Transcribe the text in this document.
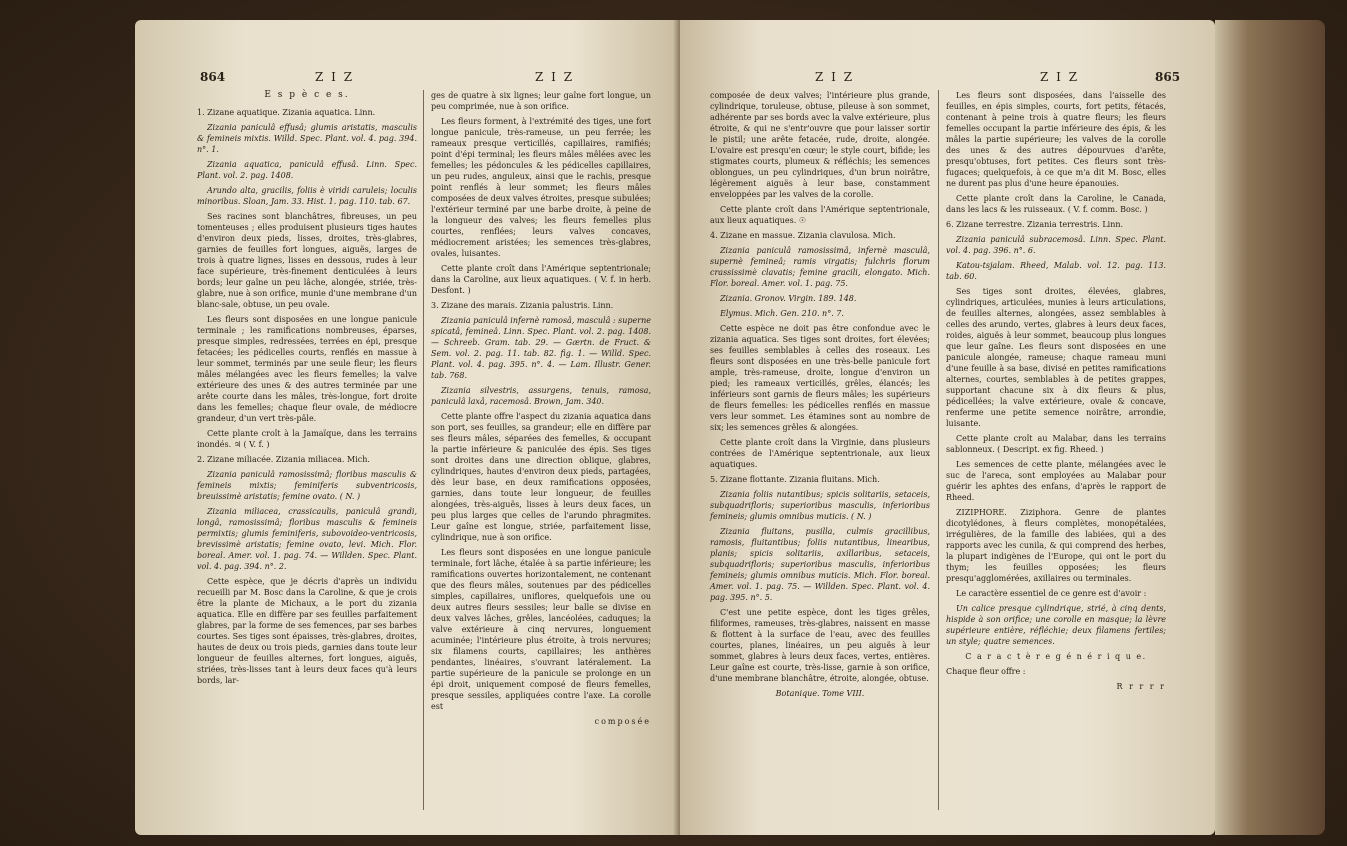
864	Z I Z	Z I Z

E s p è c e s.

1. Zizane aquatique. Zizania aquatica. Linn.

Zizania paniculâ effusâ; glumis aristatis, masculis & femineis mixtis. Willd. Spec. Plant. vol. 4. pag. 394. n°. 1.

Zizania aquatica, paniculâ effusâ. Linn. Spec. Plant. vol. 2. pag. 1408.

Arundo alta, gracilis, foliis è viridi caruleis; loculis minoribus. Sloan, Jam. 33. Hist. 1. pag. 110. tab. 67.

Ses racines sont blanchâtres, fibreuses, un peu tomenteuses ; elles produisent plusieurs tiges hautes d'environ deux pieds, lisses, droites, très-glabres, garnies de feuilles fort longues, aiguës, larges de trois à quatre lignes, lisses en dessous, rudes à leur face supérieure, très-finement denticulées à leurs bords; leur gaîne un peu lâche, alongée, striée, très-glabre, nue à son orifice, munie d'une membrane d'un blanc-sale, obtuse, un peu ovale.

Les fleurs sont disposées en une longue panicule terminale ; les ramifications nombreuses, éparses, presque simples, redressées, terrées en épi, presque fetacées; les pédicelles courts, renflés en massue à leur sommet, terminés par une seule fleur; les fleurs mâles mélangées avec les fleurs femelles; la valve extérieure des unes & des autres terminée par une arête courte dans les mâles, très-longue, fort droite dans les femelles; chaque fleur ovale, de médiocre grandeur, d'un vert très-pâle.

Cette plante croît à la Jamaïque, dans les terrains inondés. ♃ ( V. f. )

2. Zizane miliacée. Zizania miliacea. Mich.

Zizania paniculâ ramosissimâ; floribus masculis & femineis mixtis; feminiferis subventricosis, breuissimè aristatis; femine ovato. ( N. )

Zizania miliacea, crassicaulis, paniculâ grandi, longâ, ramosissimâ; floribus masculis & femineis permixtis; glumis feminiferis, subovoideo-ventricosis, brevissimè aristatis; femine ovato, levi. Mich. Flor. boreal. Amer. vol. 1. pag. 74. — Willden. Spec. Plant. vol. 4. pag. 394. n°. 2.

Cette espèce, que je décris d'après un individu recueilli par M. Bosc dans la Caroline, & que je crois être la plante de Michaux, a le port du zizania aquatica. Elle en diffère par ses feuilles parfaitement glabres, par la forme de ses femences, par ses barbes courtes. Ses tiges sont épaisses, très-glabres, droites, hautes de deux ou trois pieds, garnies dans toute leur longueur de feuilles alternes, fort longues, aiguës, striées, très-lisses tant à leurs deux faces qu'à leurs bords, lar-

ges de quatre à six lignes; leur gaîne fort longue, un peu comprimée, nue à son orifice.

Les fleurs forment, à l'extrémité des tiges, une fort longue panicule, très-rameuse, un peu ferrée; les rameaux presque verticillés, capillaires, ramifiés; point d'épi terminal; les fleurs mâles mêlées avec les femelles; les pédoncules & les pédicelles capillaires, un peu rudes, anguleux, ainsi que le rachis, presque point renflés à leur sommet; les fleurs mâles composées de deux valves étroites, presque subulées; l'extérieur terminé par une barbe droite, à peine de la longueur des valves; les fleurs femelles plus courtes, renflées; leurs valves concaves, médiocrement aristées; les semences très-glabres, ovales, luisantes.

Cette plante croît dans l'Amérique septentrionale; dans la Caroline, aux lieux aquatiques. ( V. f. in herb. Desfont. )

3. Zizane des marais. Zizania palustris. Linn.

Zizania paniculâ infernè ramosâ, masculâ : superne spicatâ, femineâ. Linn. Spec. Plant. vol. 2. pag. 1408. — Schreeb. Gram. tab. 29. — Gærtn. de Fruct. & Sem. vol. 2. pag. 11. tab. 82. fig. 1. — Willd. Spec. Plant. vol. 4. pag. 395. n°. 4. — Lam. Illustr. Gener. tab. 768.

Zizania silvestris, assurgens, tenuis, ramosa, paniculâ laxâ, racemosâ. Brown, Jam. 340.

Cette plante offre l'aspect du zizania aquatica dans son port, ses feuilles, sa grandeur; elle en diffère par ses fleurs mâles, séparées des femelles, & occupant la partie inférieure & paniculée des épis. Ses tiges sont droites dans une direction oblique, glabres, cylindriques, hautes d'environ deux pieds, partagées, dès leur base, en deux ramifications opposées, garnies, dans toute leur longueur, de feuilles alongées, très-aiguës, lisses à leurs deux faces, un peu plus larges que celles de l'arundo phragmites. Leur gaîne est longue, striée, parfaitement lisse, cylindrique, nue à son orifice.

Les fleurs sont disposées en une longue panicule terminale, fort lâche, étalée à sa partie inférieure; les ramifications ouvertes horizontalement, ne contenant que des fleurs mâles, soutenues par des pédicelles simples, capillaires, uniflores, quelquefois une ou deux autres fleurs sessiles; leur balle se divise en deux valves lâches, grêles, lancéolées, caduques; la valve extérieure à cinq nervures, longuement acuminée; l'intérieure plus étroite, à trois nervures; six filamens courts, capillaires; les anthères pendantes, linéaires, s'ouvrant latéralement. La partie supérieure de la panicule se prolonge en un épi droit, uniquement composé de fleurs femelles, presque sessiles, appliquées contre l'axe. La corolle est

composée

Z I Z	Z I Z	865

composée de deux valves; l'intérieure plus grande, cylindrique, toruleuse, obtuse, pileuse à son sommet, adhérente par ses bords avec la valve extérieure, plus étroite, & qui ne s'entr'ouvre que pour laisser sortir le pistil; une arête fetacée, rude, droite, alongée. L'ovaire est presqu'en cœur; le style court, bifide; les stigmates courts, plumeux & réfléchis; les semences oblongues, un peu cylindriques, d'un brun noirâtre, légèrement aiguës à leur base, constamment enveloppées par les valves de la corolle.

Cette plante croît dans l'Amérique septentrionale, aux lieux aquatiques. ☉

4. Zizane en massue. Zizania clavulosa. Mich.

Zizania paniculâ ramosissimâ, infernè masculâ, supernè femineâ; ramis virgatis; fulchris florum crassissimè clavatis; femine gracili, elongato. Mich. Flor. boreal. Amer. vol. 1. pag. 75.

Zizania. Gronov. Virgin. 189. 148.

Elymus. Mich. Gen. 210. n°. 7.

Cette espèce ne doit pas être confondue avec le zizania aquatica. Ses tiges sont droites, fort élevées; ses feuilles semblables à celles des roseaux. Les fleurs sont disposées en une très-belle panicule fort ample, très-rameuse, droite, longue d'environ un pied; les rameaux verticillés, grêles, élancés; les inférieurs sont garnis de fleurs mâles; les supérieurs de fleurs femelles: les pédicelles renflés en massue vers leur sommet. Les étamines sont au nombre de six; les semences grêles & alongées.

Cette plante croît dans la Virginie, dans plusieurs contrées de l'Amérique septentrionale, aux lieux aquatiques.

5. Zizane flottante. Zizania fluitans. Mich.

Zizania foliis nutantibus; spicis solitariis, setaceis, subquadrifloris; superioribus masculis, inferioribus femineis; glumis omnibus muticis. ( N. )

Zizania fluitans, pusilla, culmis gracillibus, ramosis, fluitantibus; foliis nutantibus, linearibus, planis; spicis solitariis, axillaribus, setaceis, subquadrifloris; superioribus masculis, inferioribus femineis; glumis omnibus muticis. Mich. Flor. boreal. Amer. vol. 1. pag. 75. — Willden. Spec. Plant. vol. 4. pag. 395. n°. 5.

C'est une petite espèce, dont les tiges grêles, filiformes, rameuses, très-glabres, naissent en masse & flottent à la surface de l'eau, avec des feuilles courtes, planes, linéaires, un peu aiguës à leur sommet, glabres à leurs deux faces, vertes, entières. Leur gaîne est courte, très-lisse, garnie à son orifice, d'une membrane blanchâtre, étroite, alongée, obtuse.

Botanique. Tome VIII.

Les fleurs sont disposées, dans l'aisselle des feuilles, en épis simples, courts, fort petits, fétacés, contenant à peine trois à quatre fleurs; les fleurs femelles occupant la partie inférieure des épis, & les mâles la partie supérieure; les valves de la corolle des unes & des autres dépourvues d'arête, presqu'obtuses, fort petites. Ces fleurs sont très-fugaces; quelquefois, à ce que m'a dit M. Bosc, elles ne durent pas plus d'une heure épanouies.

Cette plante croît dans la Caroline, le Canada, dans les lacs & les ruisseaux. ( V. f. comm. Bosc. )

6. Zizane terrestre. Zizania terrestris. Linn.

Zizania paniculâ subracemosâ. Linn. Spec. Plant. vol. 4. pag. 396. n°. 6.

Katou-tsjalam. Rheed, Malab. vol. 12. pag. 113. tab. 60.

Ses tiges sont droites, élevées, glabres, cylindriques, articulées, munies à leurs articulations, de feuilles alternes, alongées, assez semblables à celles des arundo, vertes, glabres à leurs deux faces, roides, aiguës à leur sommet, beaucoup plus longues que leur gaîne. Les fleurs sont disposées en une panicule alongée, rameuse; chaque rameau muni d'une feuille à sa base, divisé en petites ramifications alternes, courtes, semblables à de petites grappes, supportant chacune six à dix fleurs & plus, pédicellées; la valve extérieure, ovale & concave, renferme une petite semence noirâtre, arrondie, luisante.

Cette plante croît au Malabar, dans les terrains sablonneux. ( Descript. ex fig. Rheed. )

Les semences de cette plante, mélangées avec le suc de l'areca, sont employées au Malabar pour guérir les aphtes des enfans, d'après le rapport de Rheed.

ZIZIPHORE. Ziziphora. Genre de plantes dicotylédones, à fleurs complètes, monopétalées, irrégulières, de la famille des labiées, qui a des rapports avec les cunila, & qui comprend des herbes, la plupart indigènes de l'Europe, qui ont le port du thym; les feuilles opposées; les fleurs presqu'agglomérées, axillaires ou terminales.

Le caractère essentiel de ce genre est d'avoir :

Un calice presque cylindrique, strié, à cinq dents, hispide à son orifice; une corolle en masque; la lèvre supérieure entière, réfléchie; deux filamens fertiles; un style; quatre semences.

C a r a c t è r e g é n é r i q u e.

Chaque fleur offre :

R r r r r
